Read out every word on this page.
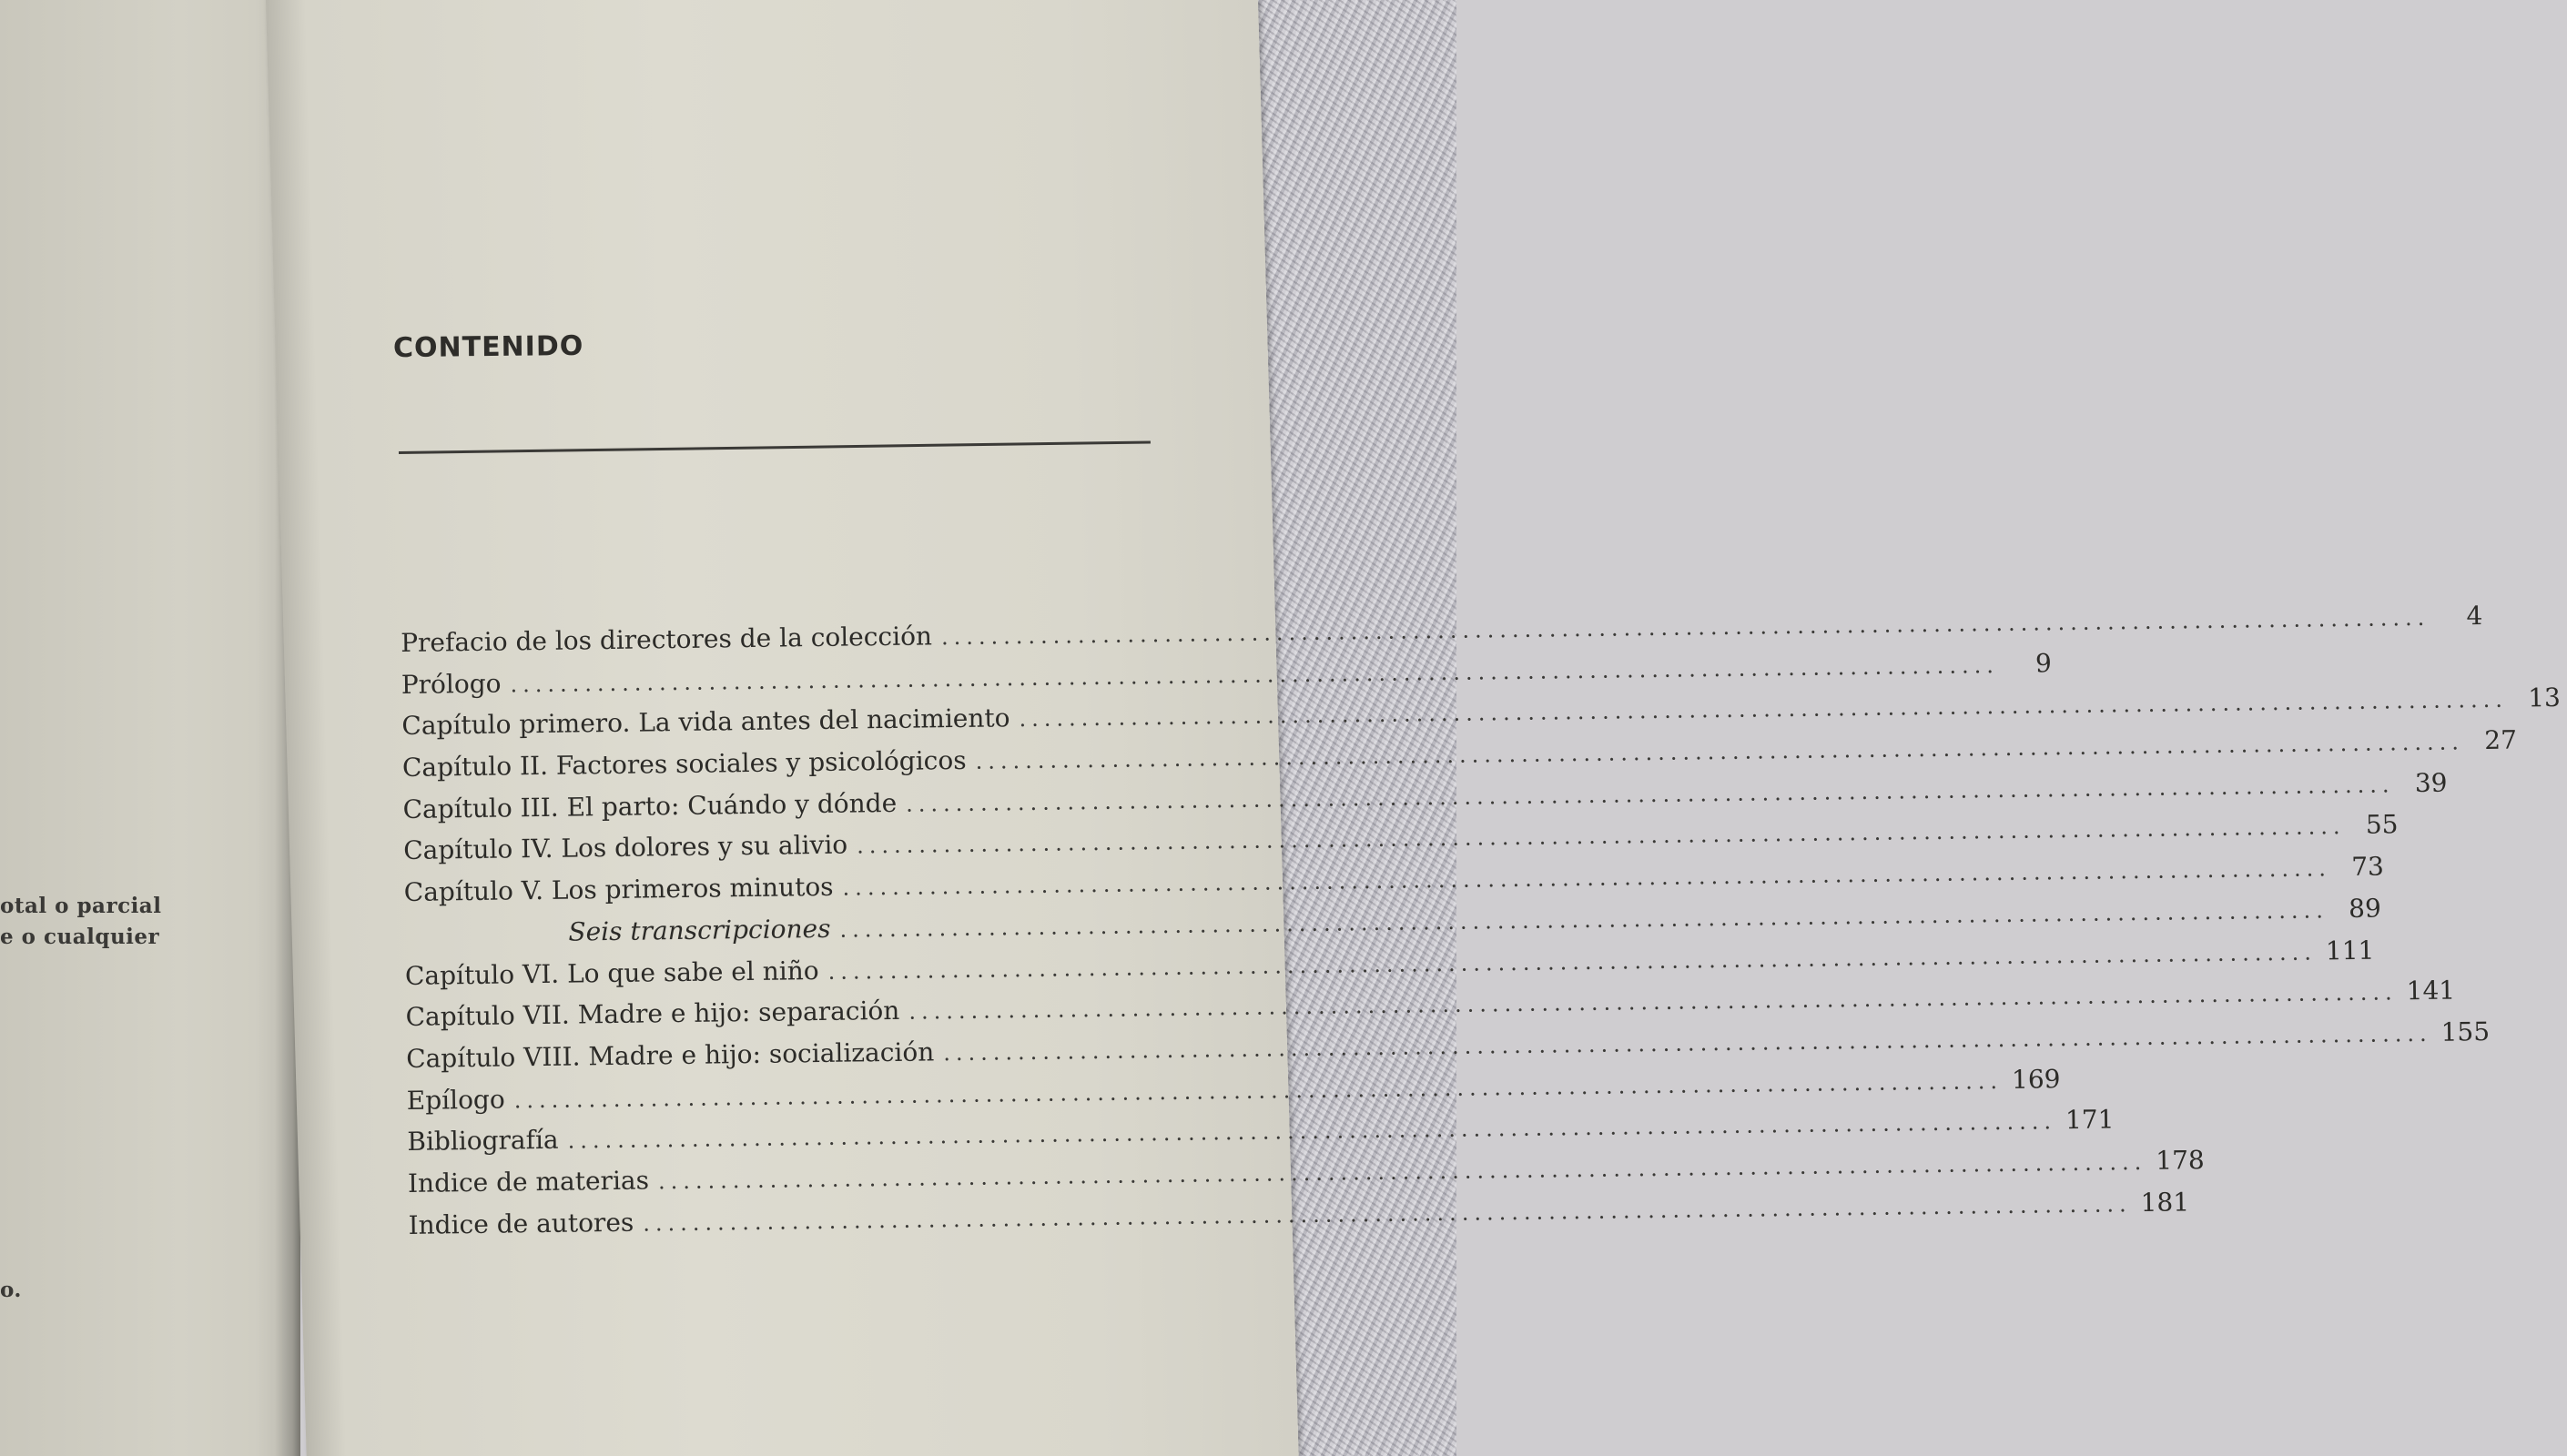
otal o parcial
e o cualquier
o.
CONTENIDO
Prefacio de los directores de la colección ........................................................................................................................	4
Prólogo ........................................................................................................................	9
Capítulo primero. La vida antes del nacimiento ........................................................................................................................ 13
Capítulo II. Factores sociales y psicológicos ........................................................................................................................ 27
Capítulo III. El parto: Cuándo y dónde ........................................................................................................................ 39
Capítulo IV. Los dolores y su alivio ........................................................................................................................ 55
Capítulo V. Los primeros minutos ........................................................................................................................ 73
Seis transcripciones ........................................................................................................................ 89
Capítulo VI. Lo que sabe el niño ........................................................................................................................ 111
Capítulo VII. Madre e hijo: separación ........................................................................................................................ 141
Capítulo VIII. Madre e hijo: socialización ........................................................................................................................ 155
Epílogo ........................................................................................................................ 169
Bibliografía ........................................................................................................................ 171
Indice de materias ........................................................................................................................ 178
Indice de autores ........................................................................................................................ 181
